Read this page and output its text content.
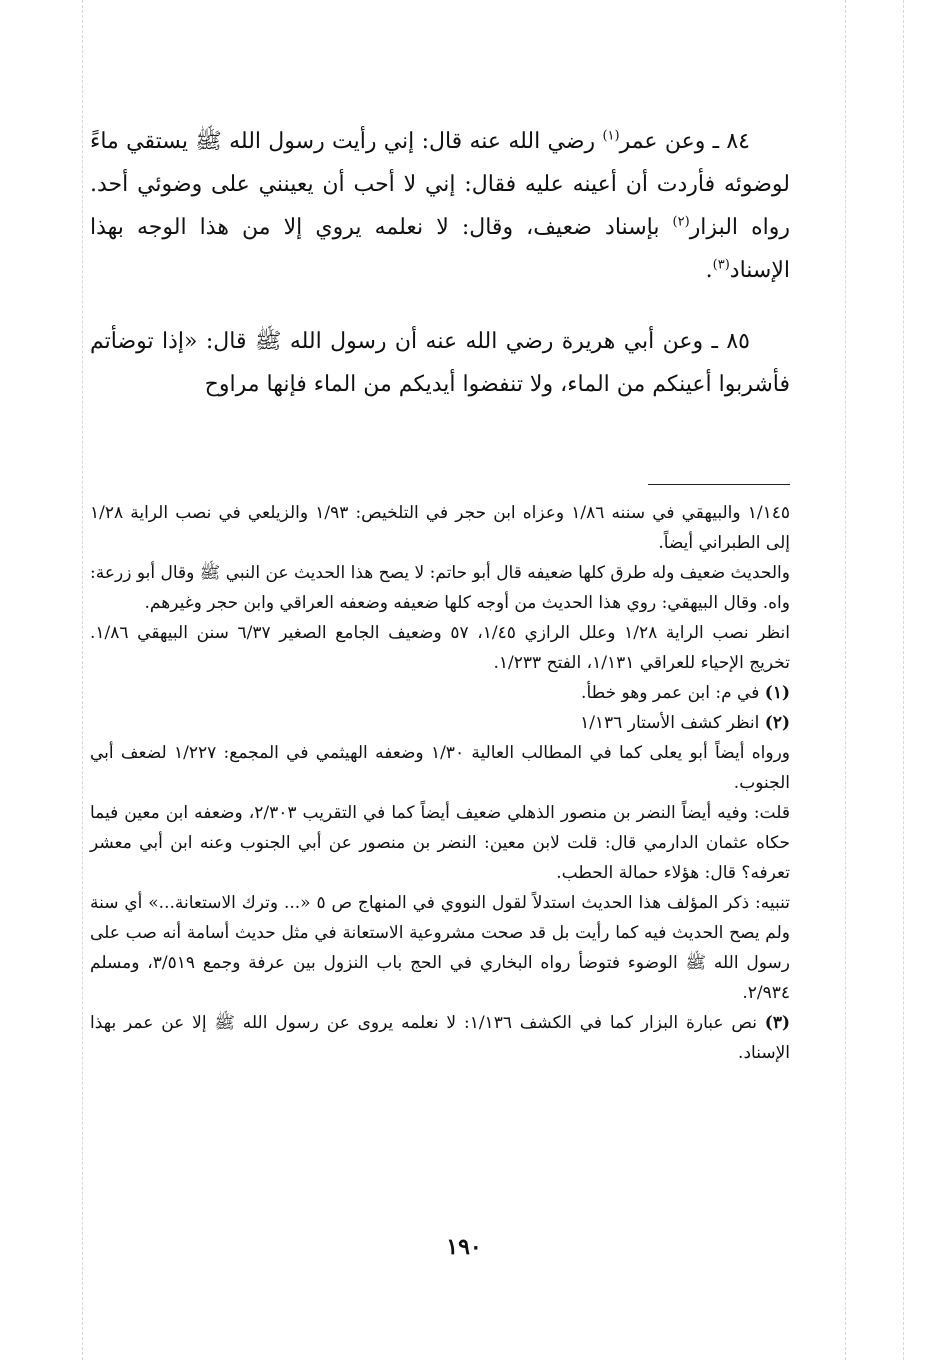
٨٤ ـ وعن عمر$^{(١)}$ رضي الله عنه قال: إني رأيت رسول الله ﷺ يستقي ماءً لوضوئه فأردت أن أعينه عليه فقال: إني لا أحب أن يعينني على وضوئي أحد. رواه البزار$^{(٢)}$ بإسناد ضعيف، وقال: لا نعلمه يروي إلا من هذا الوجه بهذا الإسناد$^{(٣)}$.

٨٥ ـ وعن أبي هريرة رضي الله عنه أن رسول الله ﷺ قال: «إذا توضأتم فأشربوا أعينكم من الماء، ولا تنفضوا أيديكم من الماء فإنها مراوح

١/١٤٥ والبيهقي في سننه ١/٨٦ وعزاه ابن حجر في التلخيص: ١/٩٣ والزيلعي في نصب الراية ١/٢٨ إلى الطبراني أيضاً.

والحديث ضعيف وله طرق كلها ضعيفه قال أبو حاتم: لا يصح هذا الحديث عن النبي ﷺ وقال أبو زرعة: واه. وقال البيهقي: روي هذا الحديث من أوجه كلها ضعيفه وضعفه العراقي وابن حجر وغيرهم.

انظر نصب الراية ١/٢٨ وعلل الرازي ١/٤٥، ٥٧ وضعيف الجامع الصغير ٦/٣٧ سنن البيهقي ١/٨٦. تخريج الإحياء للعراقي ١/١٣١، الفتح ١/٢٣٣.

(١) في م: ابن عمر وهو خطأ.

(٢) انظر كشف الأستار ١/١٣٦

ورواه أيضاً أبو يعلى كما في المطالب العالية ١/٣٠ وضعفه الهيثمي في المجمع: ١/٢٢٧ لضعف أبي الجنوب.

قلت: وفيه أيضاً النضر بن منصور الذهلي ضعيف أيضاً كما في التقريب ٢/٣٠٣، وضعفه ابن معين فيما حكاه عثمان الدارمي قال: قلت لابن معين: النضر بن منصور عن أبي الجنوب وعنه ابن أبي معشر تعرفه؟ قال: هؤلاء حمالة الحطب.

تنبيه: ذكر المؤلف هذا الحديث استدلاً لقول النووي في المنهاج ص ٥ «... وترك الاستعانة...» أي سنة ولم يصح الحديث فيه كما رأيت بل قد صحت مشروعية الاستعانة في مثل حديث أسامة أنه صب على رسول الله ﷺ الوضوء فتوضأ رواه البخاري في الحج باب النزول بين عرفة وجمع ٣/٥١٩، ومسلم ٢/٩٣٤.

(٣) نص عبارة البزار كما في الكشف ١/١٣٦: لا نعلمه يروى عن رسول الله ﷺ إلا عن عمر بهذا الإسناد.

١٩٠
